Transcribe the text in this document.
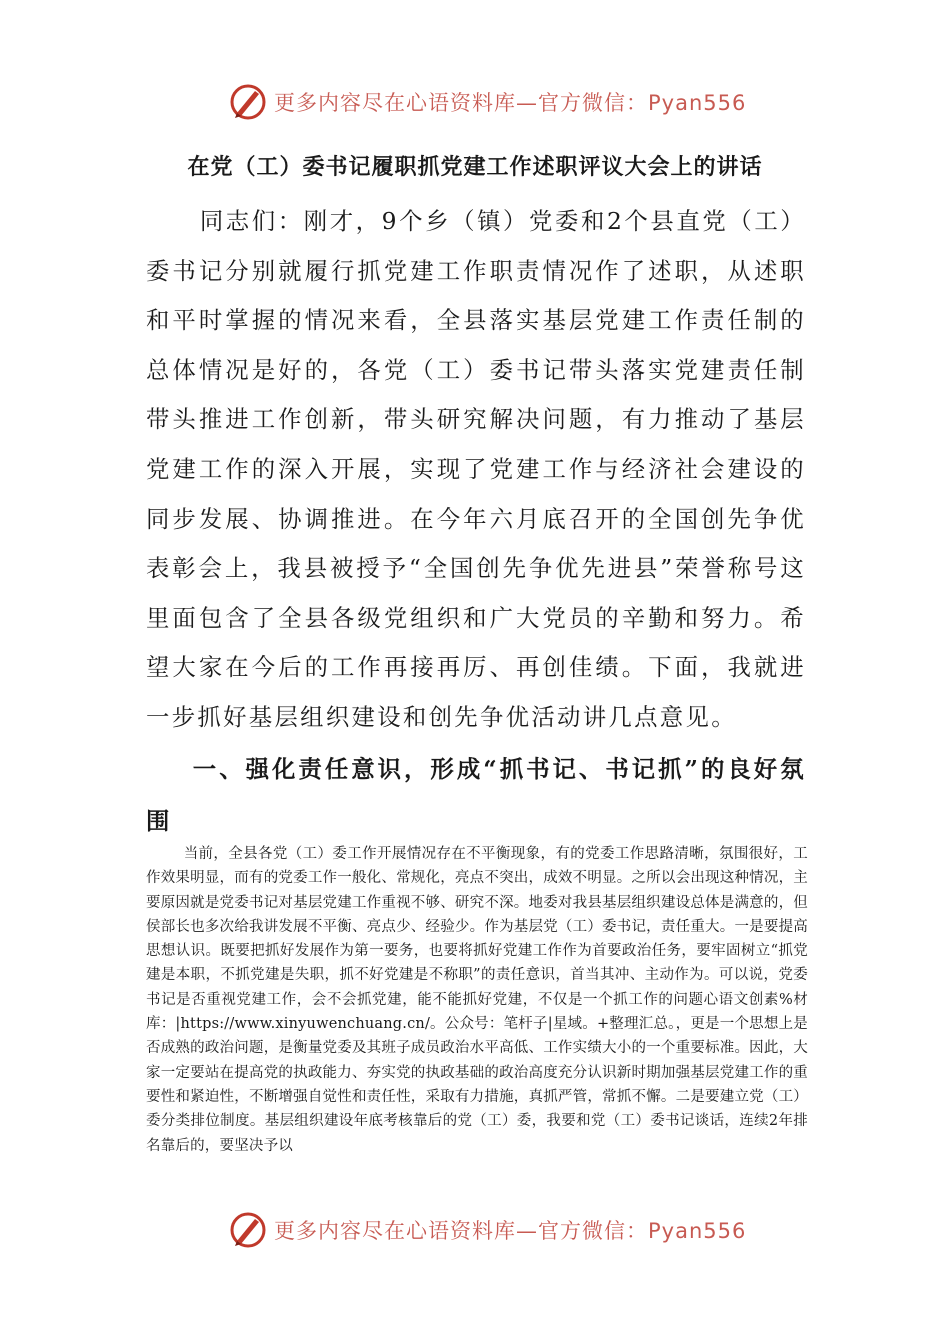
更多内容尽在心语资料库—官方微信：Pyan556
在党（工）委书记履职抓党建工作述职评议大会上的讲话

同志们：刚才，9个乡（镇）党委和2个县直党（工）委书记分别就履行抓党建工作职责情况作了述职，从述职和平时掌握的情况来看，全县落实基层党建工作责任制的总体情况是好的，各党（工）委书记带头落实党建责任制带头推进工作创新，带头研究解决问题，有力推动了基层党建工作的深入开展，实现了党建工作与经济社会建设的同步发展、协调推进。在今年六月底召开的全国创先争优表彰会上，我县被授予“全国创先争优先进县”荣誉称号这里面包含了全县各级党组织和广大党员的辛勤和努力。希望大家在今后的工作再接再厉、再创佳绩。下面，我就进一步抓好基层组织建设和创先争优活动讲几点意见。

一、强化责任意识，形成“抓书记、书记抓”的良好氛围

当前，全县各党（工）委工作开展情况存在不平衡现象，有的党委工作思路清晰，氛围很好，工作效果明显，而有的党委工作一般化、常规化，亮点不突出，成效不明显。之所以会出现这种情况，主要原因就是党委书记对基层党建工作重视不够、研究不深。地委对我县基层组织建设总体是满意的，但侯部长也多次给我讲发展不平衡、亮点少、经验少。作为基层党（工）委书记，责任重大。一是要提高思想认识。既要把抓好发展作为第一要务，也要将抓好党建工作作为首要政治任务，要牢固树立“抓党建是本职，不抓党建是失职，抓不好党建是不称职”的责任意识，首当其冲、主动作为。可以说，党委书记是否重视党建工作，会不会抓党建，能不能抓好党建，不仅是一个抓工作的问题心语文创素%材库：|https://www.xinyuwenchuang.cn/。公众号：笔杆子|星域。+整理汇总。，更是一个思想上是否成熟的政治问题，是衡量党委及其班子成员政治水平高低、工作实绩大小的一个重要标准。因此，大家一定要站在提高党的执政能力、夯实党的执政基础的政治高度充分认识新时期加强基层党建工作的重要性和紧迫性，不断增强自觉性和责任性，采取有力措施，真抓严管，常抓不懈。二是要建立党（工）委分类排位制度。基层组织建设年底考核靠后的党（工）委，我要和党（工）委书记谈话，连续2年排名靠后的，要坚决予以

更多内容尽在心语资料库—官方微信：Pyan556
